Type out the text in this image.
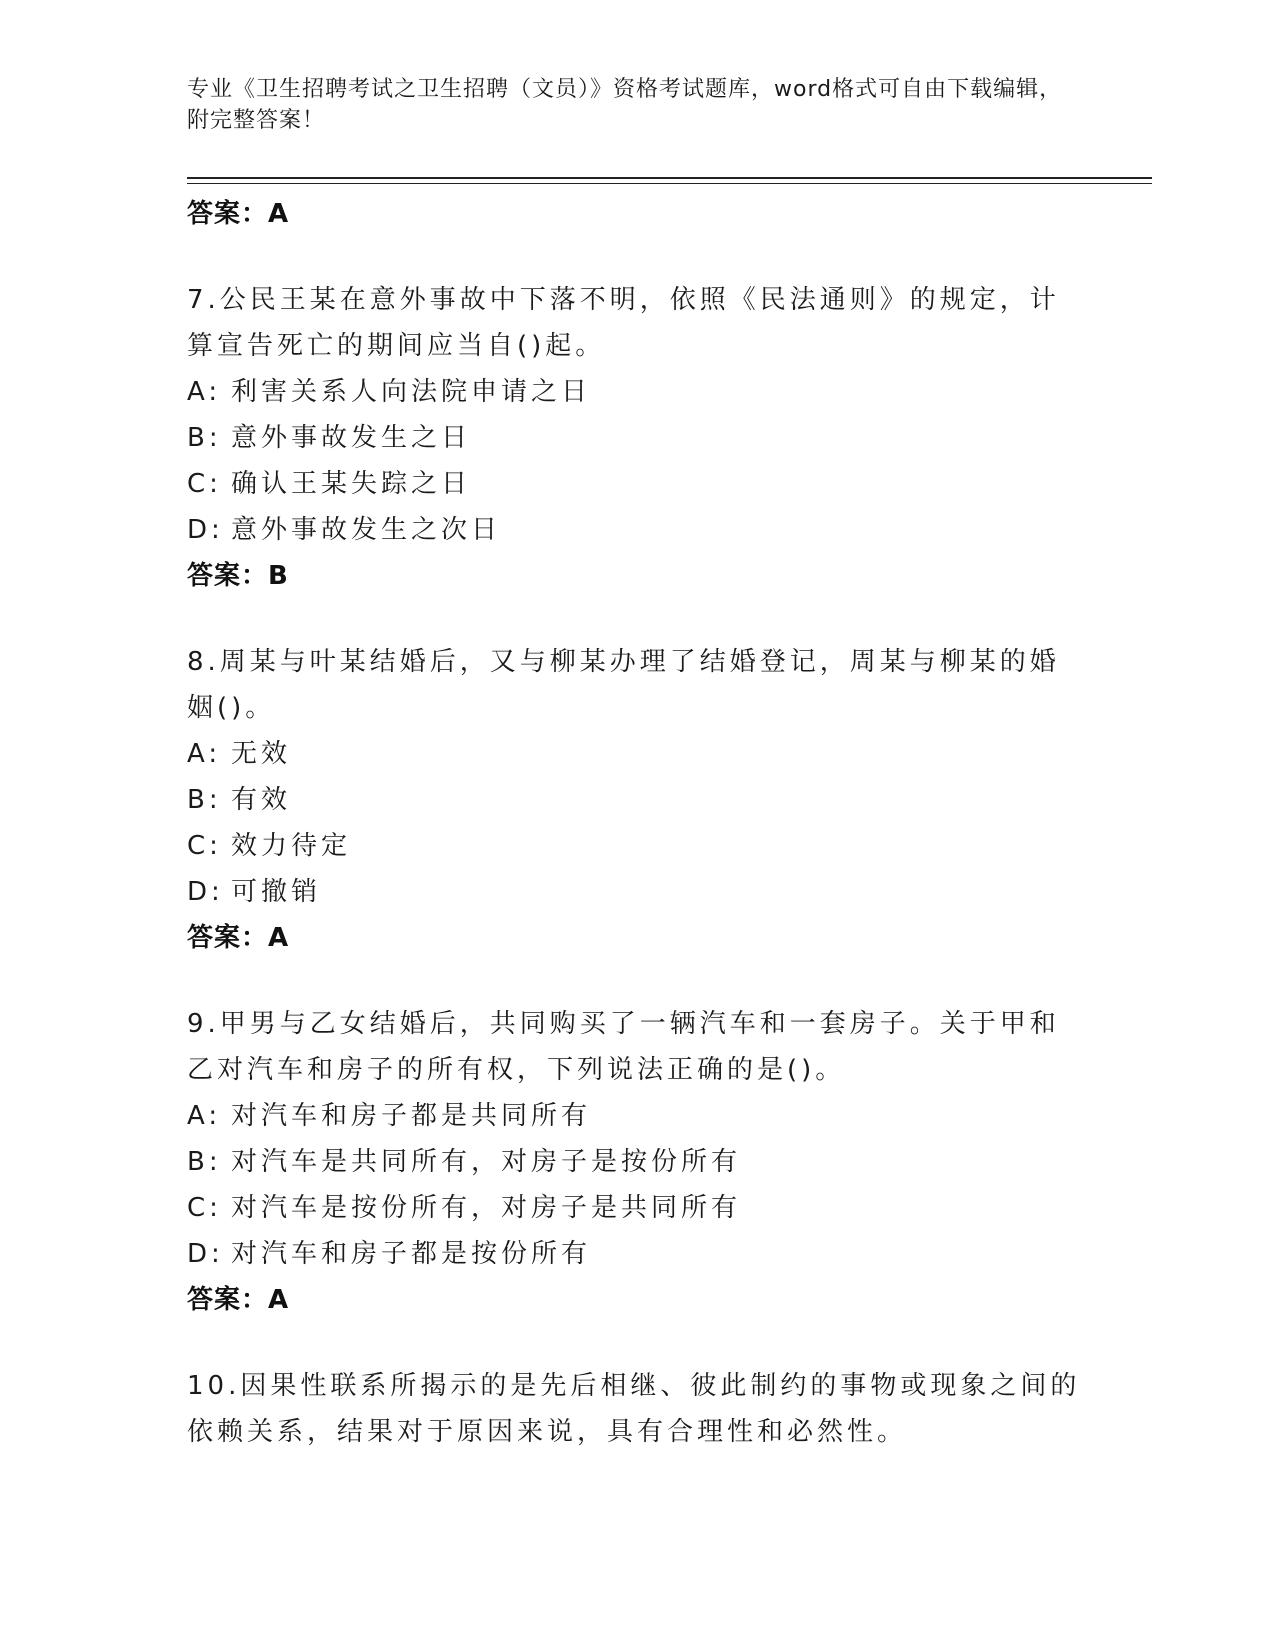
专业《卫生招聘考试之卫生招聘（文员）》资格考试题库，word格式可自由下载编辑，附完整答案！
答案：A
7.公民王某在意外事故中下落不明，依照《民法通则》的规定，计算宣告死亡的期间应当自()起。
A: 利害关系人向法院申请之日
B: 意外事故发生之日
C: 确认王某失踪之日
D: 意外事故发生之次日
答案：B
8.周某与叶某结婚后，又与柳某办理了结婚登记，周某与柳某的婚姻()。
A: 无效
B: 有效
C: 效力待定
D: 可撤销
答案：A
9.甲男与乙女结婚后，共同购买了一辆汽车和一套房子。关于甲和乙对汽车和房子的所有权，下列说法正确的是()。
A: 对汽车和房子都是共同所有
B: 对汽车是共同所有，对房子是按份所有
C: 对汽车是按份所有，对房子是共同所有
D: 对汽车和房子都是按份所有
答案：A
10.因果性联系所揭示的是先后相继、彼此制约的事物或现象之间的依赖关系，结果对于原因来说，具有合理性和必然性。
